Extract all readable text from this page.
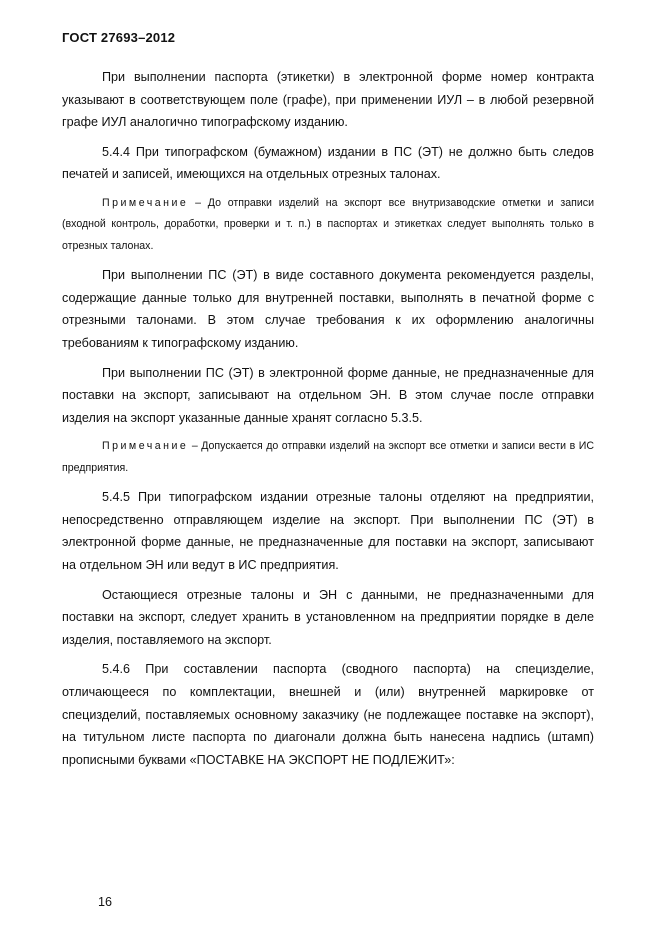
ГОСТ 27693–2012

При выполнении паспорта (этикетки) в электронной форме номер контракта указывают в соответствующем поле (графе), при применении ИУЛ – в любой резервной графе ИУЛ аналогично типографскому изданию.

5.4.4 При типографском (бумажном) издании в ПС (ЭТ) не должно быть следов печатей и записей, имеющихся на отдельных отрезных талонах.

Примечание – До отправки изделий на экспорт все внутризаводские отметки и записи (входной контроль, доработки, проверки и т. п.) в паспортах и этикетках следует выполнять только в отрезных талонах.

При выполнении ПС (ЭТ) в виде составного документа рекомендуется разделы, содержащие данные только для внутренней поставки, выполнять в печатной форме с отрезными талонами. В этом случае требования к их оформлению аналогичны требованиям к типографскому изданию.

При выполнении ПС (ЭТ) в электронной форме данные, не предназначенные для поставки на экспорт, записывают на отдельном ЭН. В этом случае после отправки изделия на экспорт указанные данные хранят согласно 5.3.5.

Примечание – Допускается до отправки изделий на экспорт все отметки и записи вести в ИС предприятия.

5.4.5 При типографском издании отрезные талоны отделяют на предприятии, непосредственно отправляющем изделие на экспорт. При выполнении ПС (ЭТ) в электронной форме данные, не предназначенные для поставки на экспорт, записывают на отдельном ЭН или ведут в ИС предприятия.

Остающиеся отрезные талоны и ЭН с данными, не предназначенными для поставки на экспорт, следует хранить в установленном на предприятии порядке в деле изделия, поставляемого на экспорт.

5.4.6 При составлении паспорта (сводного паспорта) на специзделие, отличающееся по комплектации, внешней и (или) внутренней маркировке от специзделий, поставляемых основному заказчику (не подлежащее поставке на экспорт), на титульном листе паспорта по диагонали должна быть нанесена надпись (штамп) прописными буквами «ПОСТАВКЕ НА ЭКСПОРТ НЕ ПОДЛЕЖИТ»:

16
